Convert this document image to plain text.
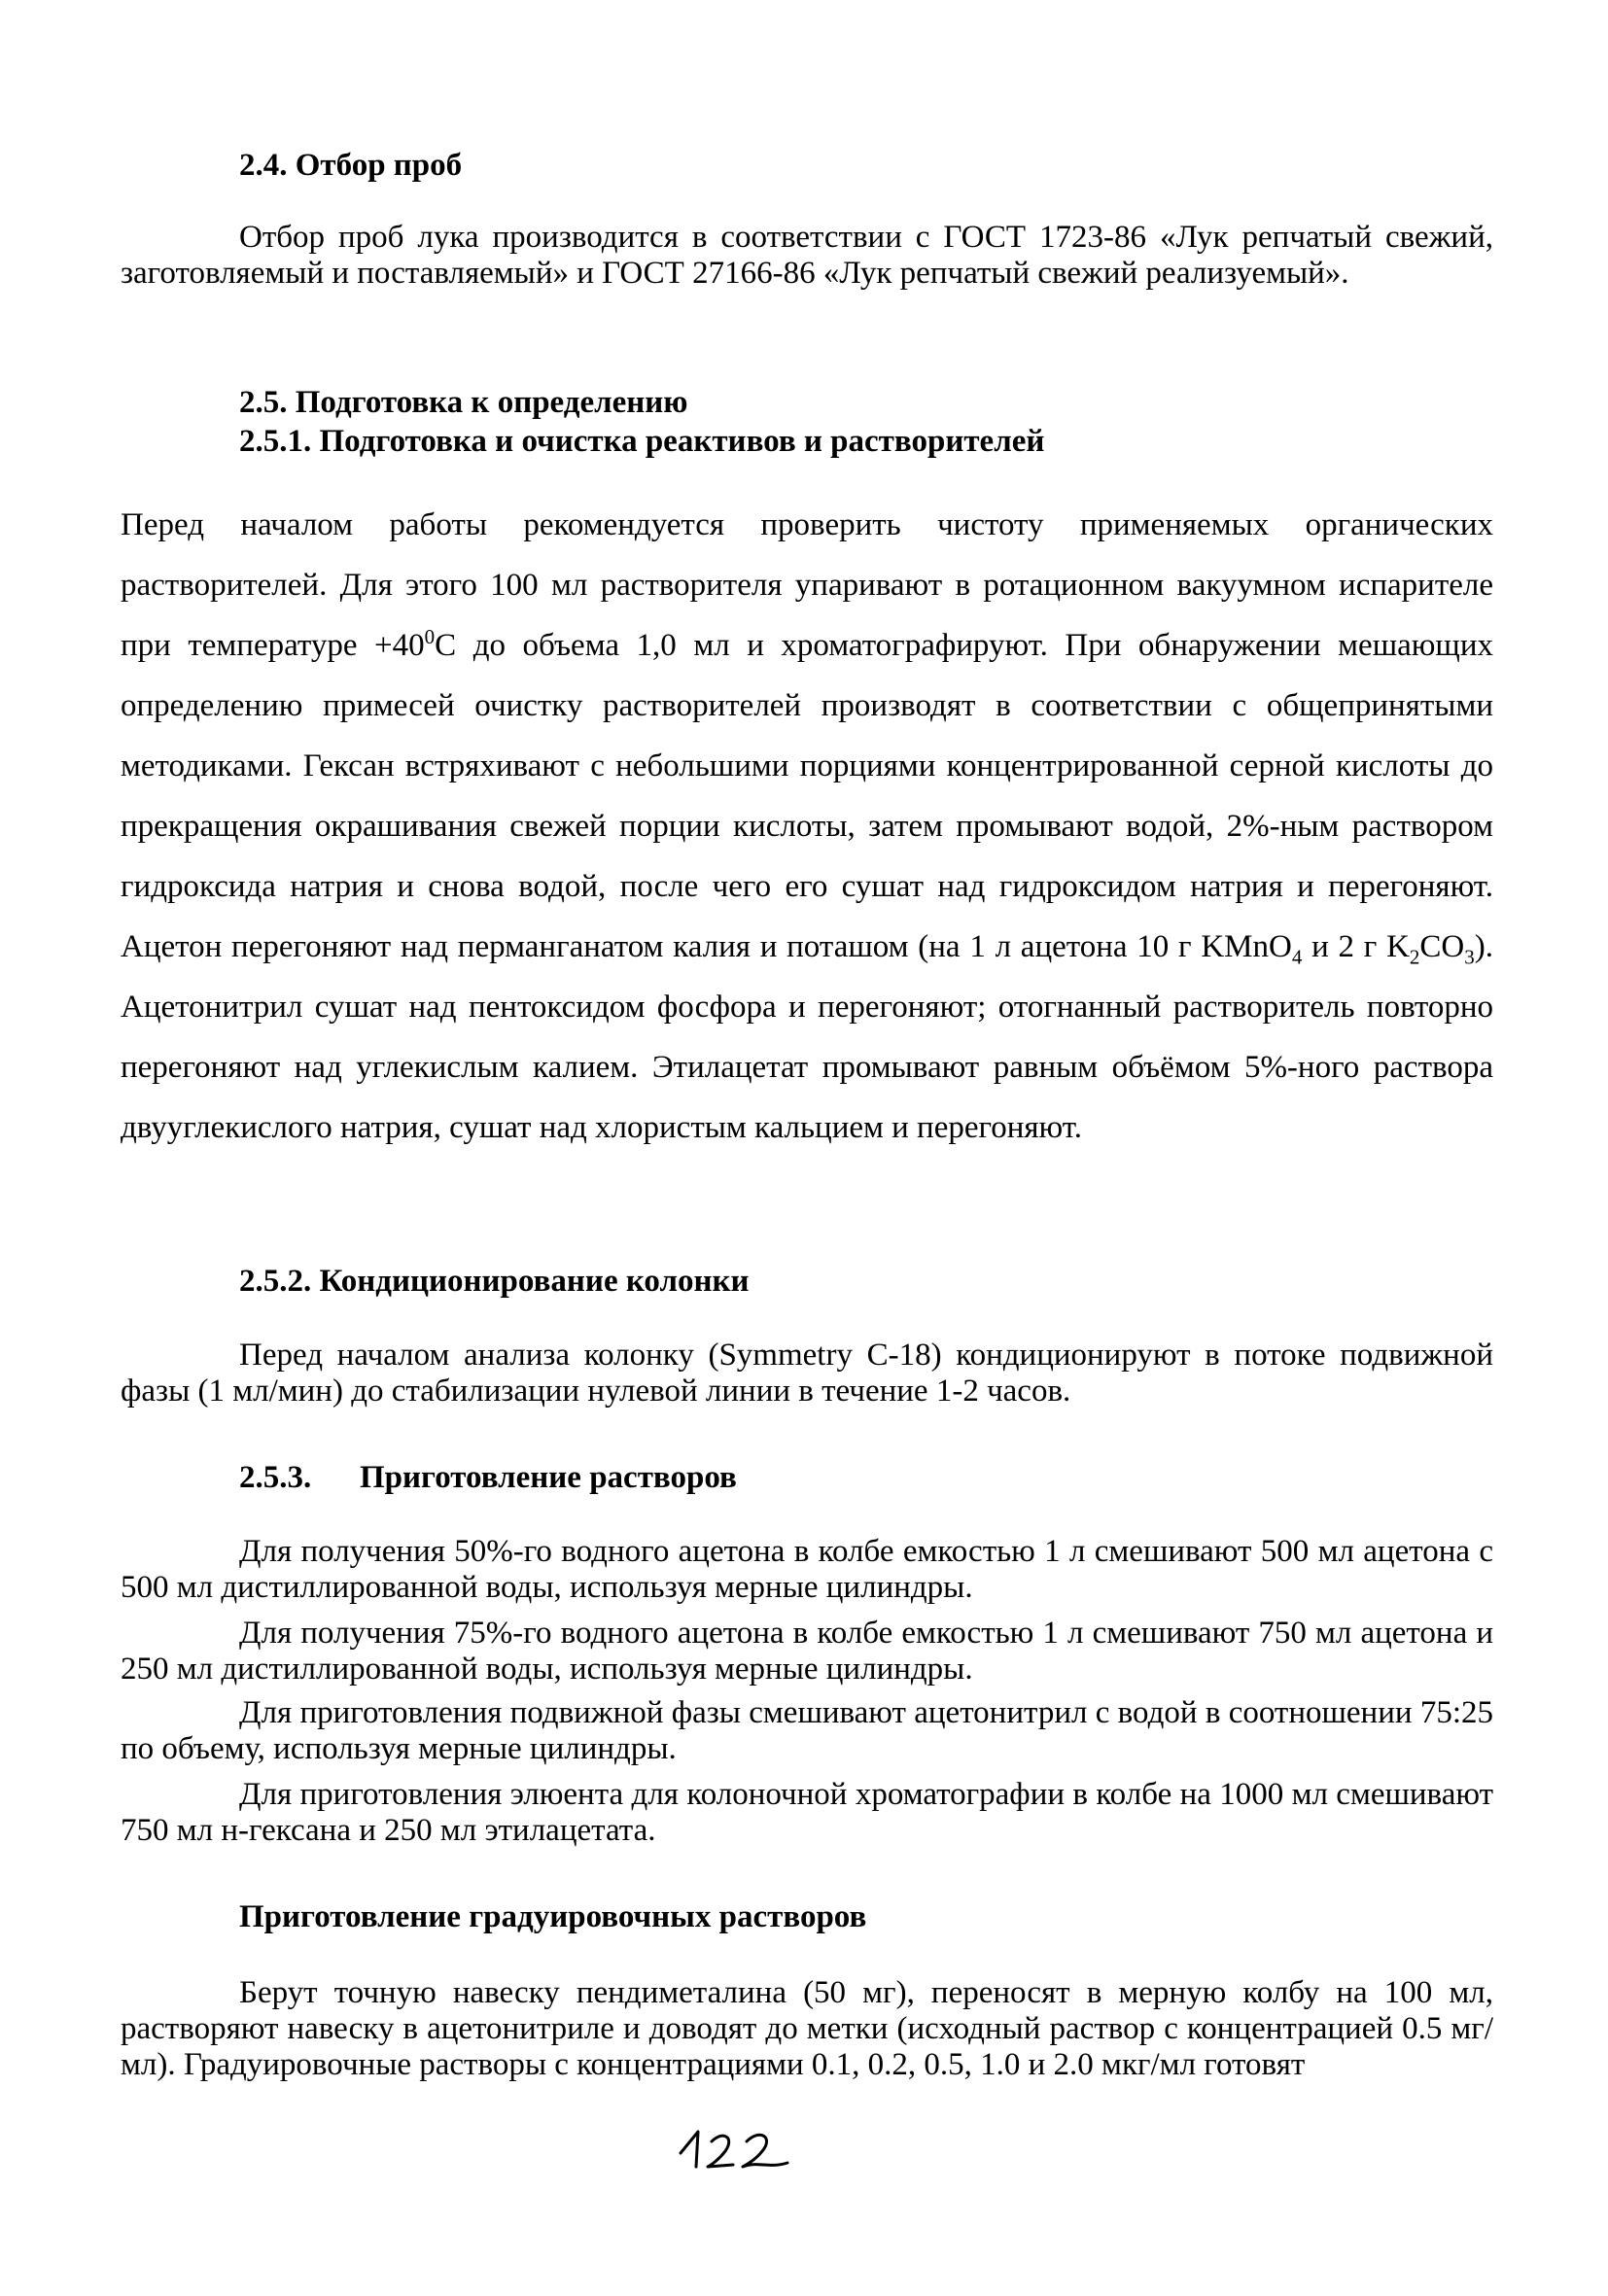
2.4. Отбор проб
Отбор проб лука производится в соответствии с ГОСТ 1723-86 «Лук репчатый свежий, заготовляемый и поставляемый» и ГОСТ 27166-86 «Лук репчатый свежий реализуемый».
2.5. Подготовка к определению
2.5.1. Подготовка и очистка реактивов и растворителей
Перед началом работы рекомендуется проверить чистоту применяемых органических растворителей. Для этого 100 мл растворителя упаривают в ротационном вакуумном испарителе при температуре $+40^0С$ до объема 1,0 мл и хроматографируют. При обнаружении мешающих определению примесей очистку растворителей производят в соответствии с общепринятыми методиками. Гексан встряхивают с небольшими порциями концентрированной серной кислоты до прекращения окрашивания свежей порции кислоты, затем промывают водой, 2%-ным раствором гидроксида натрия и снова водой, после чего его сушат над гидроксидом натрия и перегоняют. Ацетон перегоняют над перманганатом калия и поташом (на 1 л ацетона 10 г KMnO$_4$ и 2 г $K_2CO_3$). Ацетонитрил сушат над пентоксидом фосфора и перегоняют; отогнанный растворитель повторно перегоняют над углекислым калием. Этилацетат промывают равным объёмом 5%-ного раствора двууглекислого натрия, сушат над хлористым кальцием и перегоняют.
2.5.2. Кондиционирование колонки
Перед началом анализа колонку (Symmetry C-18) кондиционируют в потоке подвижной фазы (1 мл/мин) до стабилизации нулевой линии в течение 1-2 часов.
2.5.3. Приготовление растворов
Для получения 50%-го водного ацетона в колбе емкостью 1 л смешивают 500 мл ацетона с 500 мл дистиллированной воды, используя мерные цилиндры.
Для получения 75%-го водного ацетона в колбе емкостью 1 л смешивают 750 мл ацетона и 250 мл дистиллированной воды, используя мерные цилиндры.
Для приготовления подвижной фазы смешивают ацетонитрил с водой в соотношении 75:25 по объему, используя мерные цилиндры.
Для приготовления элюента для колоночной хроматографии в колбе на 1000 мл смешивают 750 мл н-гексана и 250 мл этилацетата.
Приготовление градуировочных растворов
Берут точную навеску пендиметалина (50 мг), переносят в мерную колбу на 100 мл, растворяют навеску в ацетонитриле и доводят до метки (исходный раствор с концентрацией 0.5 мг/мл). Градуировочные растворы с концентрациями 0.1, 0.2, 0.5, 1.0 и 2.0 мкг/мл готовят
